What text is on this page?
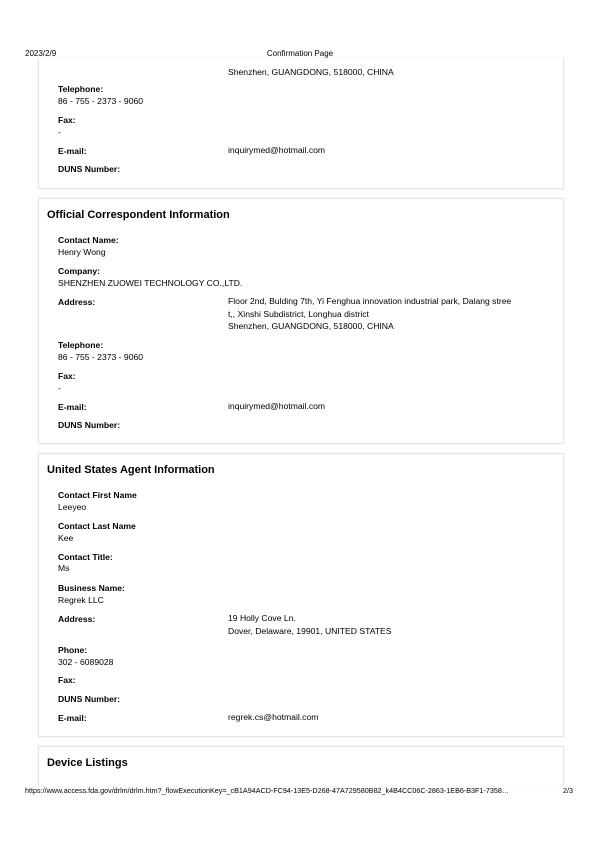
2023/2/9	Confirmation Page
Shenzhen, GUANGDONG, 518000, CHINA
Telephone:
86 - 755 - 2373 - 9060
Fax:
-
E-mail:	inquirymed@hotmail.com
DUNS Number:
Official Correspondent Information
Contact Name:
Henry Wong
Company:
SHENZHEN ZUOWEI TECHNOLOGY CO.,LTD.
Address:	Floor 2nd, Bulding 7th, Yi Fenghua innovation industrial park, Dalang stree
t,, Xinshi Subdistrict, Longhua district
Shenzhen, GUANGDONG, 518000, CHINA
Telephone:
86 - 755 - 2373 - 9060
Fax:
-
E-mail:	inquirymed@hotmail.com
DUNS Number:
United States Agent Information
Contact First Name
Leeyeo
Contact Last Name
Kee
Contact Title:
Ms
Business Name:
Regrek LLC
Address:	19 Holly Cove Ln.
Dover, Delaware, 19901, UNITED STATES
Phone:
302 - 6089028
Fax:
DUNS Number:
E-mail:	regrek.cs@hotmail.com
Device Listings
https://www.access.fda.gov/drlm/drlm.htm?_flowExecutionKey=_cB1A94ACD-FC94-13E5-D268-47A729580B82_k4B4CC06C-2863-1EB6-B3F1-7358…	2/3
